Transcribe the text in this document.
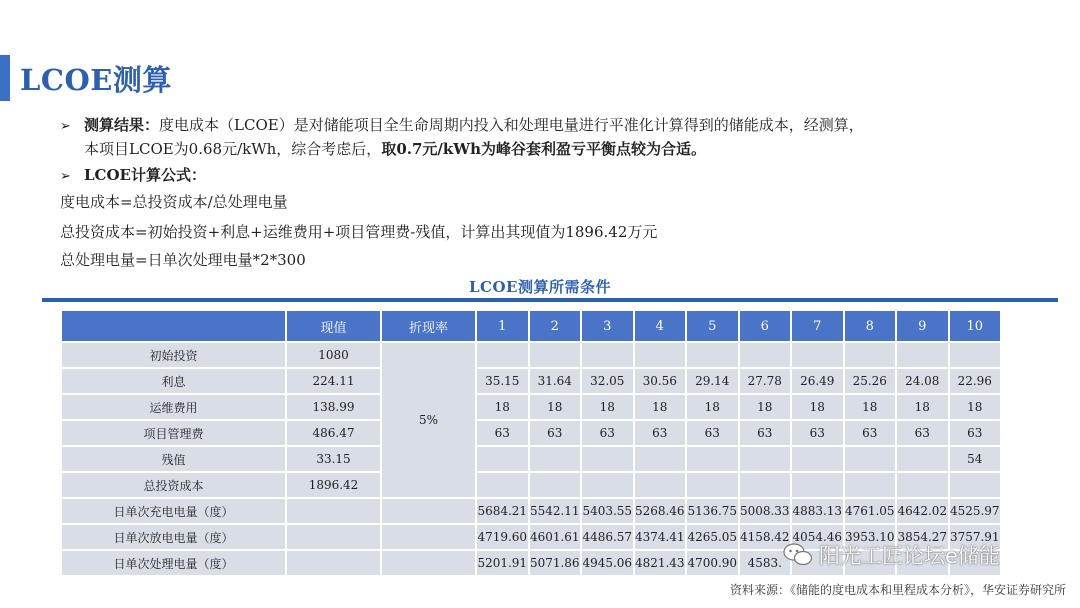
LCOE测算
➢ 测算结果：度电成本（LCOE）是对储能项目全生命周期内投入和处理电量进行平准化计算得到的储能成本，经测算，
本项目LCOE为0.68元/kWh，综合考虑后，取0.7元/kWh为峰谷套利盈亏平衡点较为合适。
➢ LCOE计算公式：
度电成本=总投资成本/总处理电量
总投资成本=初始投资+利息+运维费用+项目管理费-残值，计算出其现值为1896.42万元
总处理电量=日单次处理电量*2*300
LCOE测算所需条件
	现值	折现率	1	2	3	4	5	6	7	8	9	10
初始投资	1080	5%										
利息	224.11		35.15	31.64	32.05	30.56	29.14	27.78	26.49	25.26	24.08	22.96
运维费用	138.99		18	18	18	18	18	18	18	18	18	18
项目管理费	486.47		63	63	63	63	63	63	63	63	63	63
残值	33.15											54
总投资成本	1896.42											
日单次充电电量（度）			5684.21	5542.11	5403.55	5268.46	5136.75	5008.33	4883.13	4761.05	4642.02	4525.97
日单次放电电量（度）			4719.60	4601.61	4486.57	4374.41	4265.05	4158.42	4054.46	3953.10	3854.27	3757.91
日单次处理电量（度）			5201.91	5071.86	4945.06	4821.43	4700.90	4583.				阳光工匠论坛e储能
资料来源：《储能的度电成本和里程成本分析》，华安证券研究所
